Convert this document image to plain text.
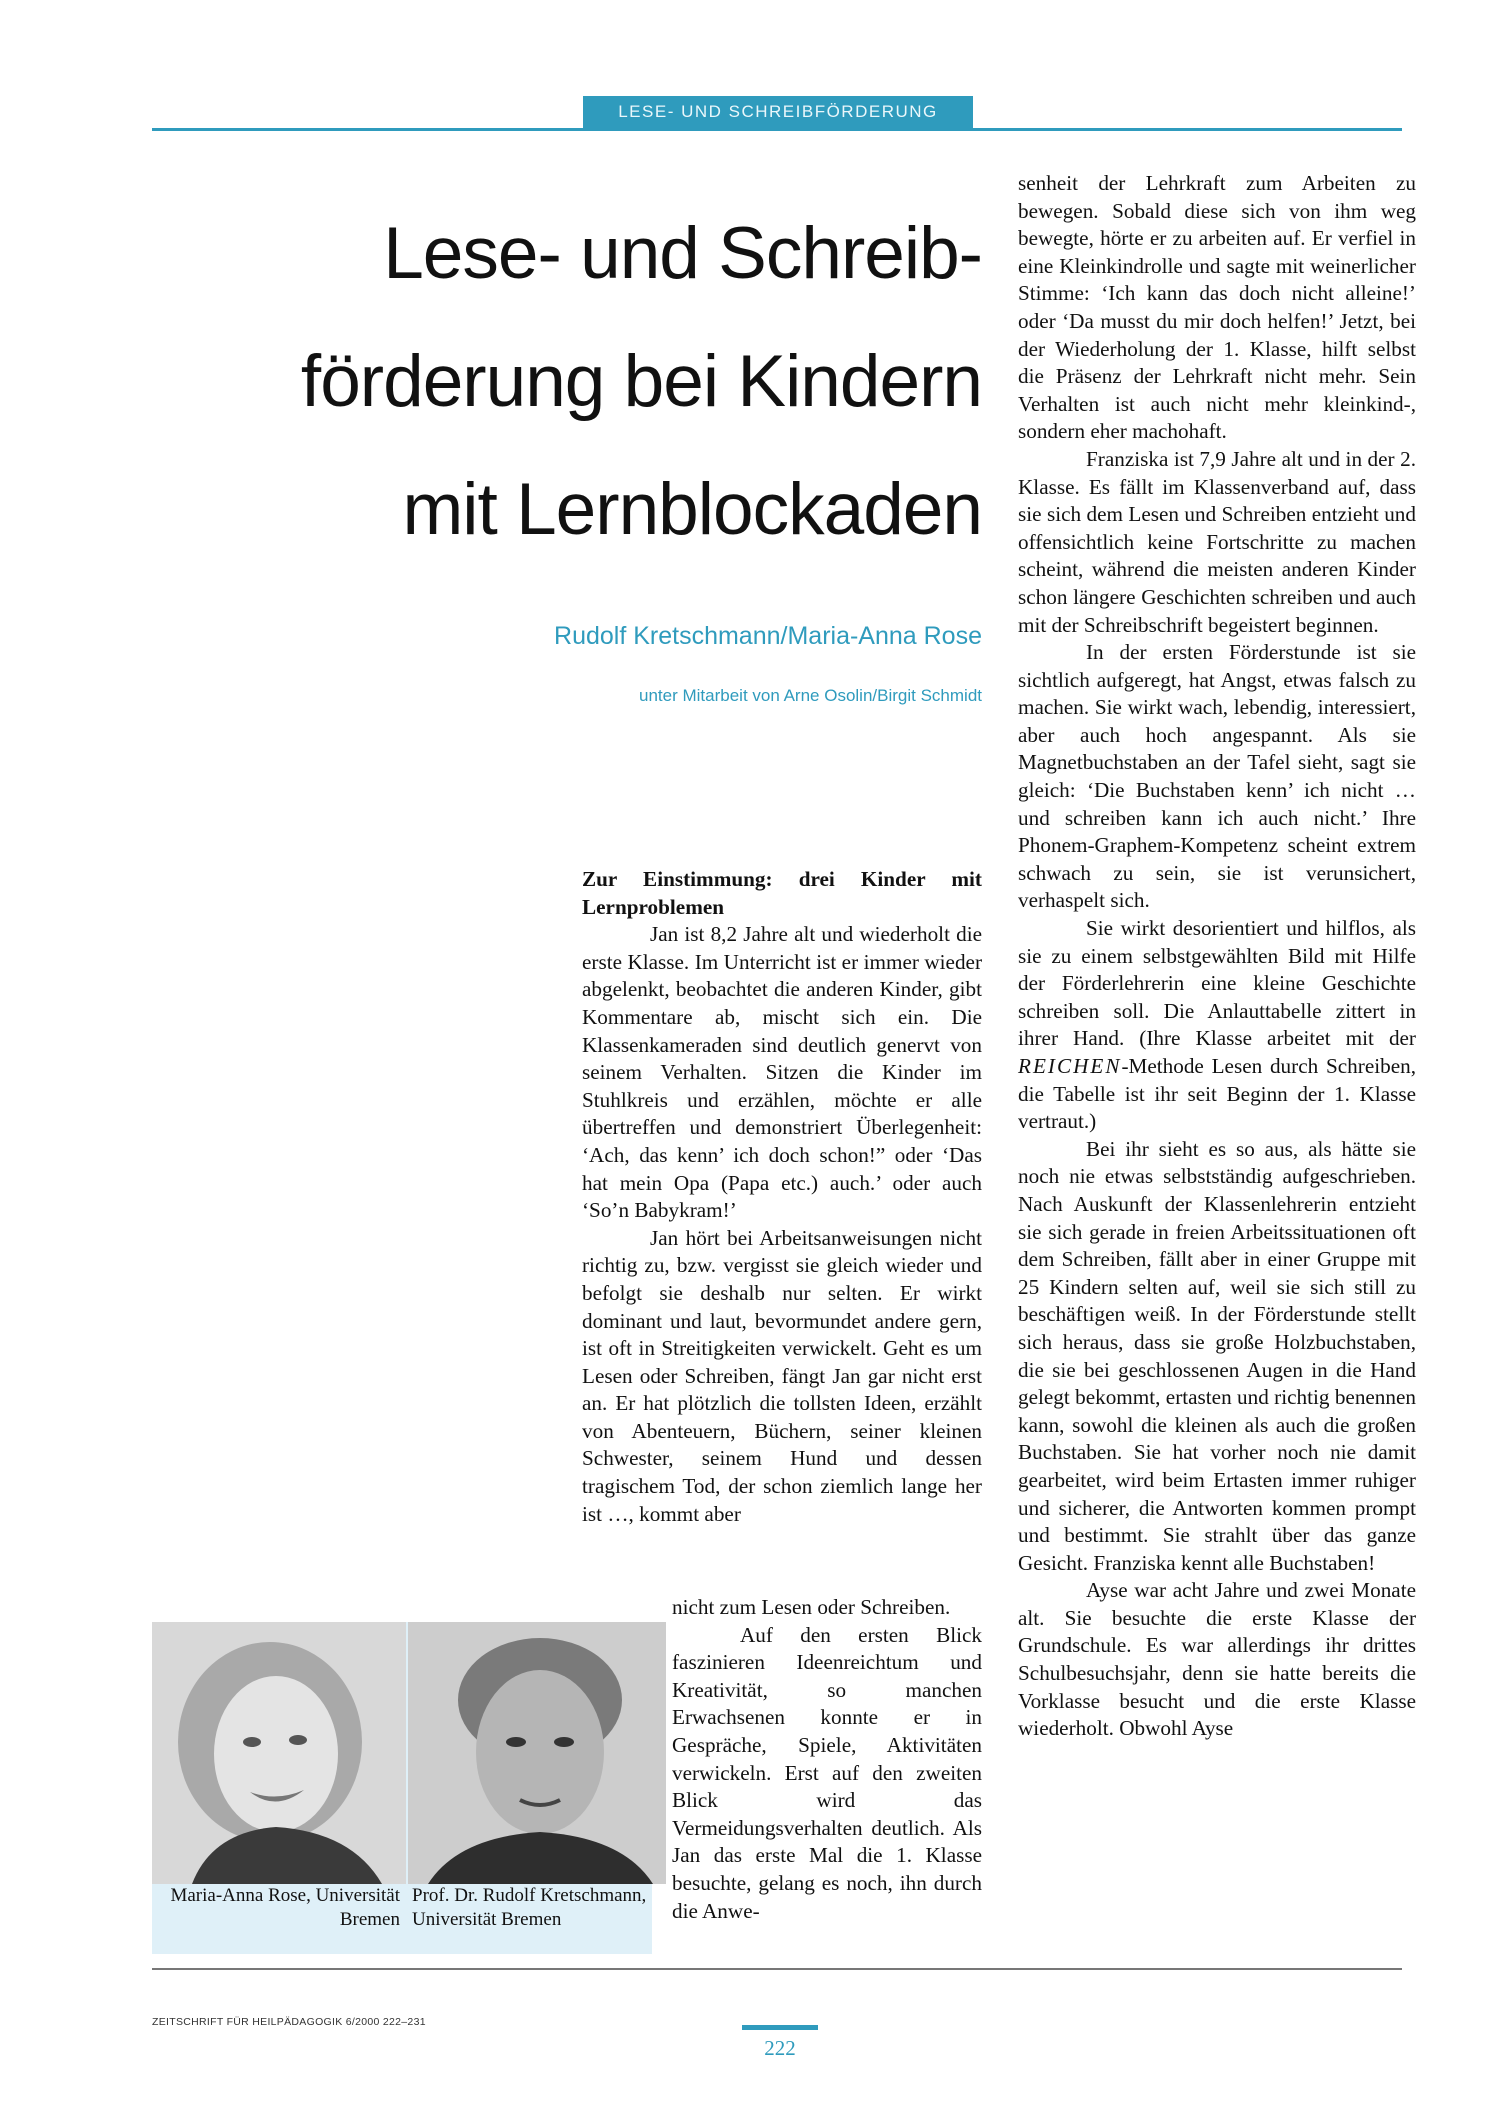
LESE- UND SCHREIBFÖRDERUNG
Lese- und Schreib-
förderung bei Kindern
mit Lernblockaden
Rudolf Kretschmann/Maria-Anna Rose
unter Mitarbeit von Arne Osolin/Birgit Schmidt
Zur Einstimmung: drei Kinder mit Lernproblemen

Jan ist 8,2 Jahre alt und wiederholt die erste Klasse. Im Unterricht ist er immer wieder abgelenkt, beobachtet die anderen Kinder, gibt Kommentare ab, mischt sich ein. Die Klassenkameraden sind deutlich genervt von seinem Verhalten. Sitzen die Kinder im Stuhlkreis und erzählen, möchte er alle übertreffen und demonstriert Überlegenheit: ‘Ach, das kenn’ ich doch schon!” oder ‘Das hat mein Opa (Papa etc.) auch.’ oder auch ‘So’n Babykram!’

Jan hört bei Arbeitsanweisungen nicht richtig zu, bzw. vergisst sie gleich wieder und befolgt sie deshalb nur selten. Er wirkt dominant und laut, bevormundet andere gern, ist oft in Streitigkeiten verwickelt. Geht es um Lesen oder Schreiben, fängt Jan gar nicht erst an. Er hat plötzlich die tollsten Ideen, erzählt von Abenteuern, Büchern, seiner kleinen Schwester, seinem Hund und dessen tragischem Tod, der schon ziemlich lange her ist …, kommt aber

nicht zum Lesen oder Schreiben.

Auf den ersten Blick faszinieren Ideenreichtum und Kreativität, so manchen Erwachsenen konnte er in Gespräche, Spiele, Aktivitäten verwickeln. Erst auf den zweiten Blick wird das Vermeidungsverhalten deutlich. Als Jan das erste Mal die 1. Klasse besuchte, gelang es noch, ihn durch die Anwe-

senheit der Lehrkraft zum Arbeiten zu bewegen. Sobald diese sich von ihm weg bewegte, hörte er zu arbeiten auf. Er verfiel in eine Kleinkindrolle und sagte mit weinerlicher Stimme: ‘Ich kann das doch nicht alleine!’ oder ‘Da musst du mir doch helfen!’ Jetzt, bei der Wiederholung der 1. Klasse, hilft selbst die Präsenz der Lehrkraft nicht mehr. Sein Verhalten ist auch nicht mehr kleinkind-, sondern eher machohaft.

Franziska ist 7,9 Jahre alt und in der 2. Klasse. Es fällt im Klassenverband auf, dass sie sich dem Lesen und Schreiben entzieht und offensichtlich keine Fortschritte zu machen scheint, während die meisten anderen Kinder schon längere Geschichten schreiben und auch mit der Schreibschrift begeistert beginnen.

In der ersten Förderstunde ist sie sichtlich aufgeregt, hat Angst, etwas falsch zu machen. Sie wirkt wach, lebendig, interessiert, aber auch hoch angespannt. Als sie Magnetbuchstaben an der Tafel sieht, sagt sie gleich: ‘Die Buchstaben kenn’ ich nicht … und schreiben kann ich auch nicht.’ Ihre Phonem-Graphem-Kompetenz scheint extrem schwach zu sein, sie ist verunsichert, verhaspelt sich.

Sie wirkt desorientiert und hilflos, als sie zu einem selbstgewählten Bild mit Hilfe der Förderlehrerin eine kleine Geschichte schreiben soll. Die Anlauttabelle zittert in ihrer Hand. (Ihre Klasse arbeitet mit der REICHEN-Methode Lesen durch Schreiben, die Tabelle ist ihr seit Beginn der 1. Klasse vertraut.)

Bei ihr sieht es so aus, als hätte sie noch nie etwas selbstständig aufgeschrieben. Nach Auskunft der Klassenlehrerin entzieht sie sich gerade in freien Arbeitssituationen oft dem Schreiben, fällt aber in einer Gruppe mit 25 Kindern selten auf, weil sie sich still zu beschäftigen weiß. In der Förderstunde stellt sich heraus, dass sie große Holzbuchstaben, die sie bei geschlossenen Augen in die Hand gelegt bekommt, ertasten und richtig benennen kann, sowohl die kleinen als auch die großen Buchstaben. Sie hat vorher noch nie damit gearbeitet, wird beim Ertasten immer ruhiger und sicherer, die Antworten kommen prompt und bestimmt. Sie strahlt über das ganze Gesicht. Franziska kennt alle Buchstaben!

Ayse war acht Jahre und zwei Monate alt. Sie besuchte die erste Klasse der Grundschule. Es war allerdings ihr drittes Schulbesuchsjahr, denn sie hatte bereits die Vorklasse besucht und die erste Klasse wiederholt. Obwohl Ayse

Maria-Anna Rose, Universität Bremen
Prof. Dr. Rudolf Kretschmann, Universität Bremen
ZEITSCHRIFT FÜR HEILPÄDAGOGIK 6/2000 222–231
222
